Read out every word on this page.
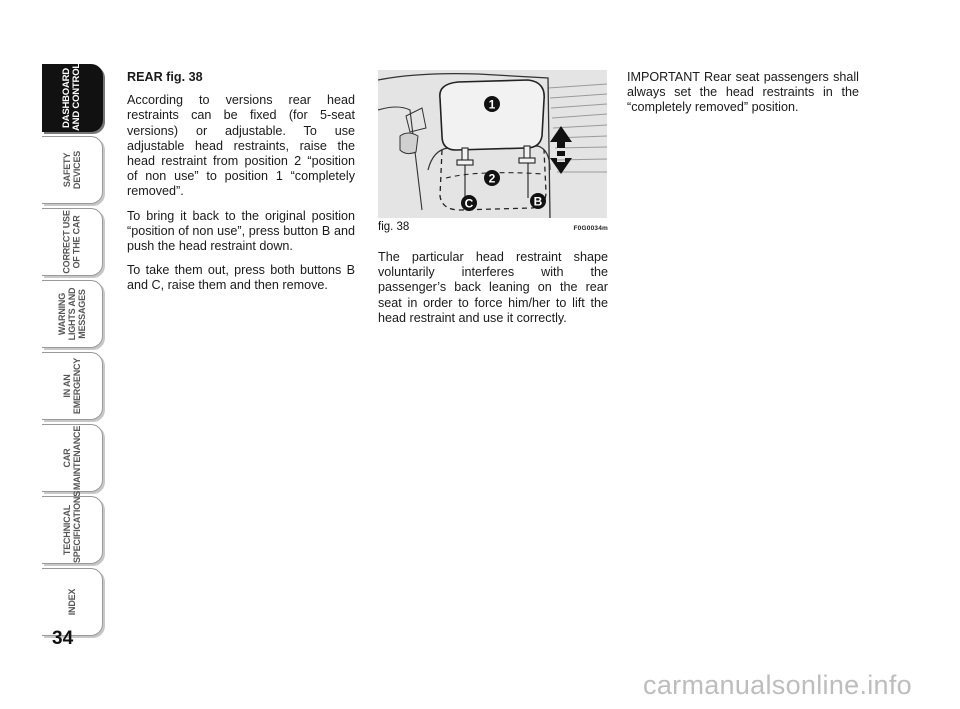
DASHBOARD
AND CONTROLS
SAFETY
DEVICES
CORRECT USE
OF THE CAR
WARNING
LIGHTS AND
MESSAGES
IN AN
EMERGENCY
CAR
MAINTENANCE
TECHNICAL
SPECIFICATIONS
INDEX
34

REAR fig. 38

According to versions rear head restraints can be fixed (for 5-seat versions) or adjustable. To use adjustable head restraints, raise the head restraint from position 2 “position of non use” to position 1 “completely removed”.

To bring it back to the original position “position of non use”, press button B and push the head restraint down.

To take them out, press both buttons B and C, raise them and then remove.

1
2
C	B
fig. 38	F0G0034m
The particular head restraint shape voluntarily interferes with the passenger’s back leaning on the rear seat in order to force him/her to lift the head restraint and use it correctly.

IMPORTANT Rear seat passengers shall always set the head restraints in the “completely removed” position.

carmanualsonline.info
